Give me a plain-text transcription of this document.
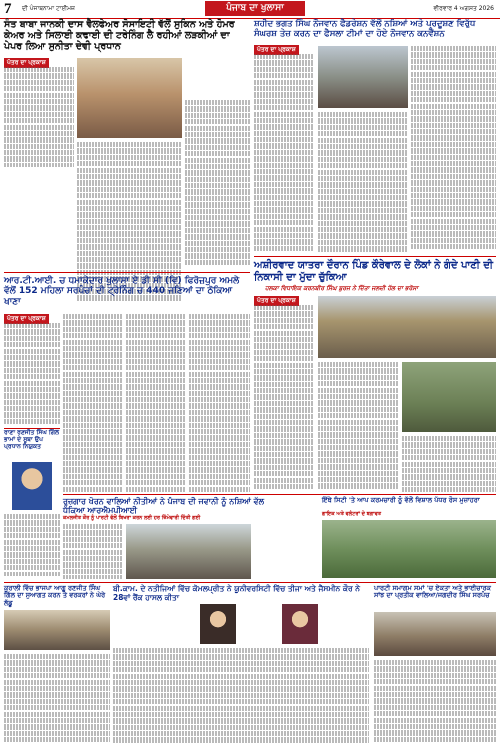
7 ਦੀ ਪੰਜਾਬਨਾਮਾ ਟਾਈਮਜ਼	ਪੰਜਾਬ ਦਾ ਖੁਲਾਸਾ	ਵੀਰਵਾਰ 4 ਅਗਸਤ 2026
ਸੰਤ ਬਾਬਾ ਜਾਨਕੀ ਦਾਸ ਵੈਲਫੇਅਰ ਸੋਸਾਇਟੀ ਵੱਲੋਂ ਸੁਕਿਨ ਅਤੇ ਹੋਮਰ ਕੇਅਰ ਅਤੇ ਸਿਲਾਈ ਕਢਾਈ ਦੀ ਟਰੇਨਿੰਗ ਲੈ ਰਹੀਆਂ ਲੜਕੀਆਂ ਦਾ ਪੇਪਰ ਲਿਆ ਸੁਨੀਤਾ ਦੇਵੀ ਪ੍ਰਧਾਨ
ਪੱਤਰ ਦਾ ਪ੍ਰਕਾਸ਼
ਸ਼ਹੀਦ ਭਗਤ ਸਿੰਘ ਨੌਜਵਾਨ ਫੈਡਰੇਸ਼ਨ ਵੱਲੋਂ ਨਸ਼ਿਆਂ ਅਤੇ ਪ੍ਰਦੂਸ਼ਣ ਵਿਰੁੱਧ ਸੰਘਰਸ਼ ਤੇਜ਼ ਕਰਨ ਦਾ ਫੈਸਲਾ ਟੀਮਾਂ ਦਾ ਹੋਏ ਨੌਜਵਾਨ ਕਨਵੈਂਸ਼ਨ
ਪੱਤਰ ਦਾ ਪ੍ਰਕਾਸ਼
ਅਸ਼ੀਰਵਾਦ ਯਾਤਰਾ ਦੌਰਾਨ ਪਿੰਡ ਕੌਰੇਵਾਲ ਦੇ ਲੋਕਾਂ ਨੇ ਗੰਦੇ ਪਾਣੀ ਦੀ ਨਿਕਾਸੀ ਦਾ ਮੁੱਦਾ ਚੁੱਕਿਆ
ਹਲਕਾ ਵਿਧਾਇਕ ਕਰਨਬੀਰ ਸਿੰਘ ਬੁਰਜ ਨੇ ਦਿੱਤਾ ਜਲਦੀ ਹੱਲ ਦਾ ਭਰੋਸਾ
ਪੱਤਰ ਦਾ ਪ੍ਰਕਾਸ਼
ਆਰ.ਟੀ.ਆਈ. ਚ ਧਮਾਕੇਦਾਰ ਖੁਲਾਸਾ ਏ ਡੀ ਸੀ (ਵਿ) ਫਿਰੋਜ਼ਪੁਰ ਅਮਲੇ ਵੱਲੋਂ 152 ਮਹਿਲਾ ਸਰਪੰਚਾਂ ਦੀ ਟ੍ਰੇਨਿੰਗ ਚ 440 ਜਣਿਆਂ ਦਾ ਠੋਕਿਆ ਖਾਣਾ
ਪੱਤਰ ਦਾ ਪ੍ਰਕਾਸ਼
ਰਾਣਾ ਰਣਜੀਤ ਸਿੰਘ ਗਿੱਲ ਭਾਮਾਂ ਦੇ ਸੂਬਾ ਉਪ ਪ੍ਰਧਾਨ ਨਿਯੁਕਤ
ਰੁਜ਼ਗਾਰ ਖੋਰਨ ਵਾਲਿਆਂ ਨੀਤੀਆਂ ਨੇ ਪੰਜਾਬ ਦੀ ਜਵਾਨੀ ਨੂੰ ਨਸ਼ਿਆਂ ਵੱਲ ਧੱਕਿਆ ਆਰਐਮਪੀਆਈ
ਕਮਲਜੀਤ ਕੌਰ ਨੂੰ ਪਾਰਟੀ ਵੱਲੋਂ ਬਿਖਰਾ ਕਰਨ ਲਈ ਹਰ ਜ਼ਿੰਮੇਵਾਰੀ ਦਿੱਤੀ ਗਈ
ਇੱਥੇ ਸਿਟੀ 'ਤੇ ਆਪ ਕਰਮਚਾਰੀ ਨੂੰ ਵੱਲੋਂ ਵਿਸ਼ਾਲ ਪੱਧਰ ਰੋਸ ਮੁਜ਼ਾਹਰਾ
ਗਾਇਕ ਅਤੇ ਵਲੰਟਰਾਂ ਦੇ ਬਗਾਵਤ
ਬੀ.ਕਾਮ. ਦੇ ਨਤੀਜਿਆਂ ਵਿੱਚ ਕੋਮਲਪ੍ਰੀਤ ਨੇ ਯੂਨੀਵਰਸਿਟੀ ਵਿੱਚ ਤੀਜਾ ਅਤੇ ਜੈਸਮੀਨ ਕੌਰ ਨੇ 28ਵਾਂ ਰੈਂਕ ਹਾਸਲ ਕੀਤਾ
ਕੁਰਾਲੀ ਵਿੱਚ ਭਾਜਪਾ ਆਗੂ ਰਣਜੀਤ ਸਿੰਘ ਗਿੱਲ ਦਾ ਸੁਆਗਤ ਕਰਨ ਤੇ ਵਰਕਰਾਂ ਨੇ ਘੇਰੇ ਲੱਡੂ
ਪਾਰਟੀ ਸਮਾਗਮ ਸਮਾਂ 'ਚ ਏਕਤਾ ਅਤੇ ਭਾਈਚਾਰਕ ਸਾਂਝ ਦਾ ਪ੍ਰਤੀਕ ਵਾਲਿਆ/ਜਗਦੀਰ ਸਿੰਘ ਸਰਪੰਚ
